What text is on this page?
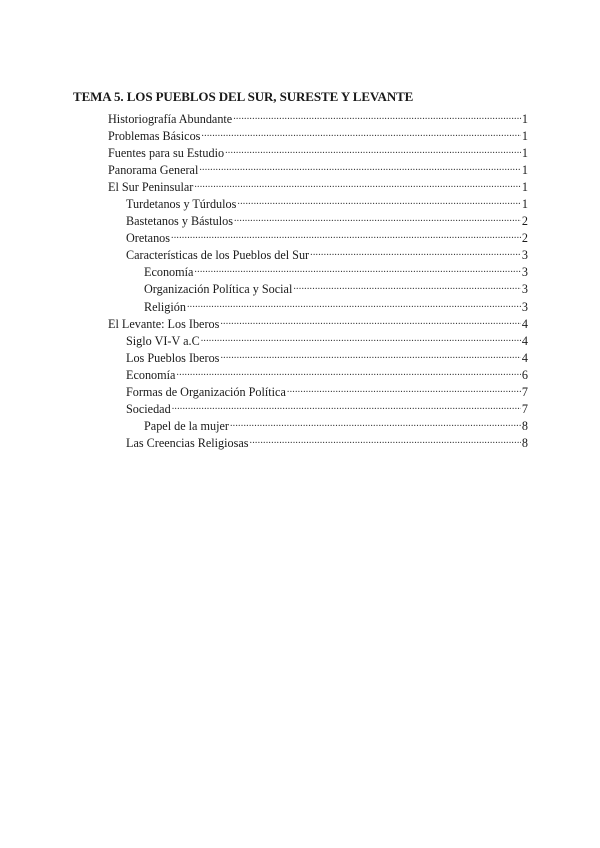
TEMA 5. LOS PUEBLOS DEL SUR, SURESTE Y LEVANTE
Historiografía Abundante .....	1
Problemas Básicos .....	1
Fuentes para su Estudio .....	1
Panorama General .....	1
El Sur Peninsular .....	1
Turdetanos y Túrdulos .....	1
Bastetanos y Bástulos .....	2
Oretanos .....	2
Características de los Pueblos del Sur .....	3
Economía .....	3
Organización Política y Social .....	3
Religión .....	3
El Levante: Los Iberos .....	4
Siglo VI-V a.C .....	4
Los Pueblos Iberos .....	4
Economía .....	6
Formas de Organización Política .....	7
Sociedad .....	7
Papel de la mujer .....	8
Las Creencias Religiosas .....	8
